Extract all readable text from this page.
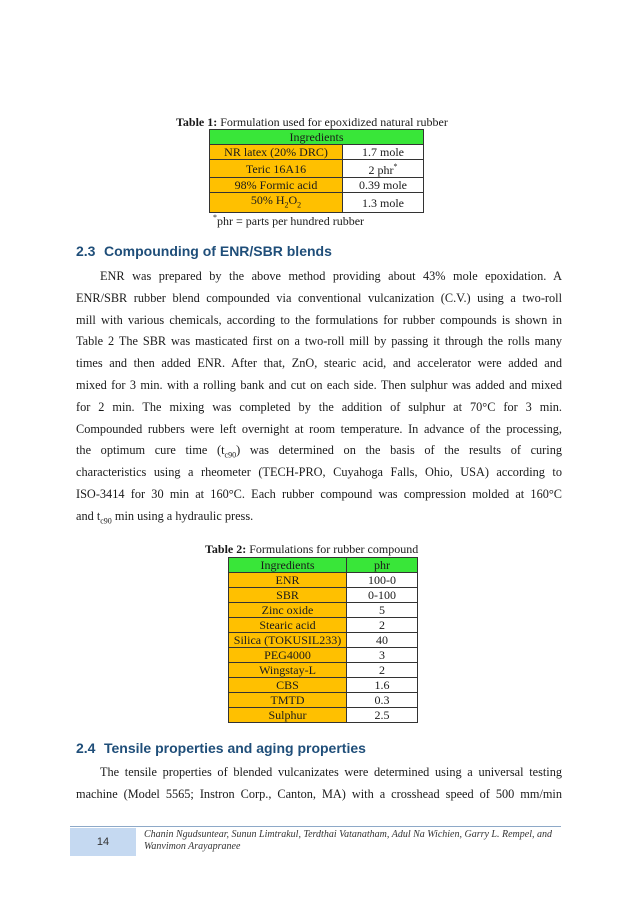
Table 1: Formulation used for epoxidized natural rubber
Ingredients	
NR latex (20% DRC)	1.7 mole
Teric 16A16	2 phr*
98% Formic acid	0.39 mole
50% $H_2O_2$	1.3 mole
*phr = parts per hundred rubber
2.3 Compounding of ENR/SBR blends
ENR was prepared by the above method providing about 43% mole epoxidation. A
ENR/SBR rubber blend compounded via conventional vulcanization (C.V.) using a two-roll
mill with various chemicals, according to the formulations for rubber compounds is shown in
Table 2 The SBR was masticated first on a two-roll mill by passing it through the rolls many
times and then added ENR. After that, ZnO, stearic acid, and accelerator were added and
mixed for 3 min. with a rolling bank and cut on each side. Then sulphur was added and mixed
for 2 min. The mixing was completed by the addition of sulphur at 70°C for 3 min.
Compounded rubbers were left overnight at room temperature. In advance of the processing,
the optimum cure time $(t_{c90})$ was determined on the basis of the results of curing
characteristics using a rheometer (TECH-PRO, Cuyahoga Falls, Ohio, USA) according to
ISO-3414 for 30 min at 160°C. Each rubber compound was compression molded at 160°C
and $t_{c90}$ min using a hydraulic press.
Table 2: Formulations for rubber compound
Ingredients	phr
ENR	100-0
SBR	0-100
Zinc oxide	5
Stearic acid	2
Silica (TOKUSIL233)	40
PEG4000	3
Wingstay-L	2
CBS	1.6
TMTD	0.3
Sulphur	2.5
2.4 Tensile properties and aging properties
The tensile properties of blended vulcanizates were determined using a universal testing
machine (Model 5565; Instron Corp., Canton, MA) with a crosshead speed of 500 mm/min
14
Chanin Ngudsuntear, Sunun Limtrakul, Terdthai Vatanatham, Adul Na Wichien, Garry L. Rempel, and Wanvimon Arayapranee
